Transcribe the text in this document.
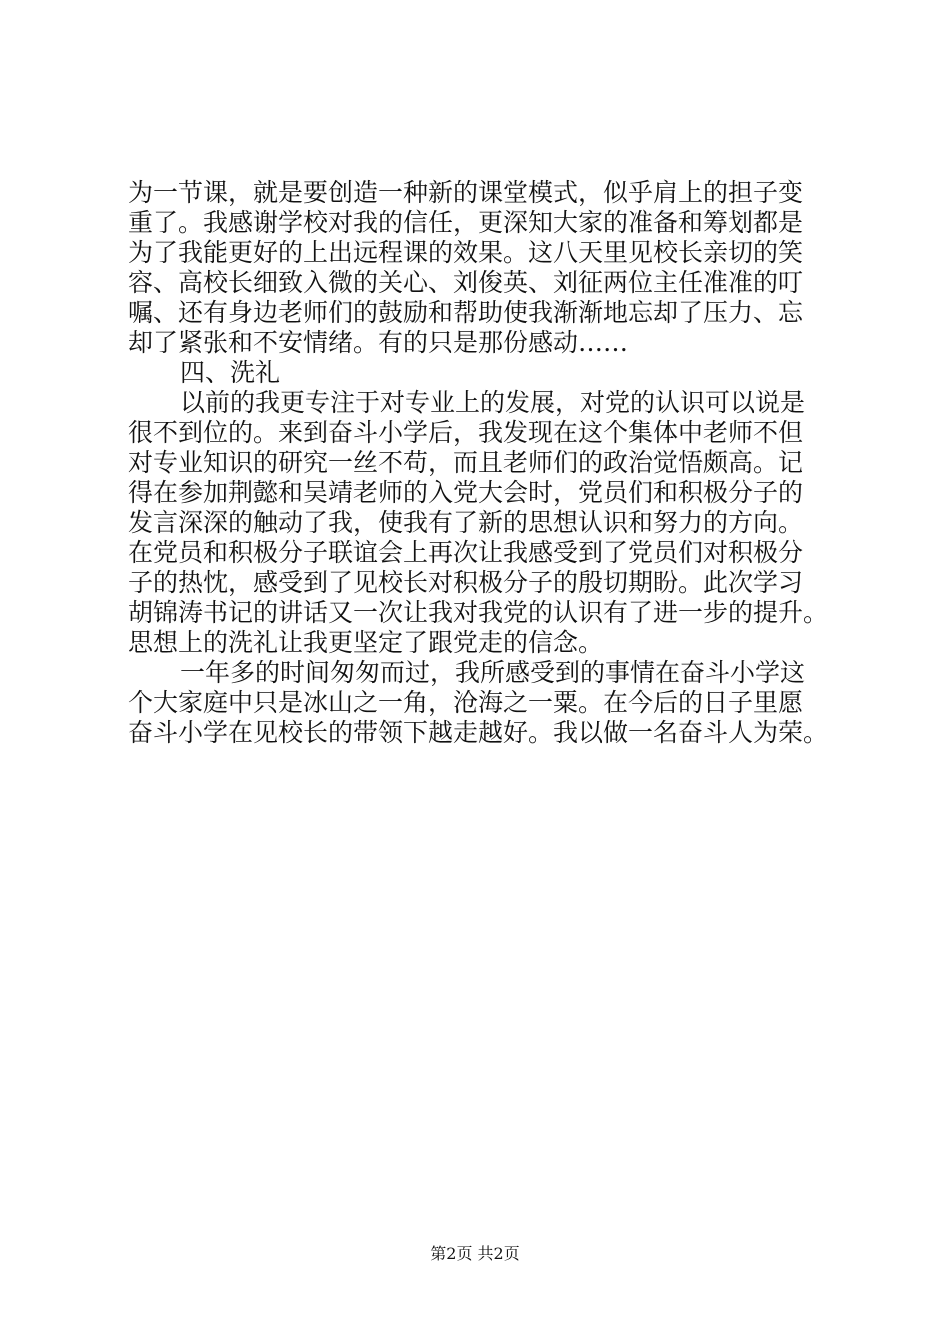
为一节课，就是要创造一种新的课堂模式，似乎肩上的担子变
重了。我感谢学校对我的信任，更深知大家的准备和筹划都是
为了我能更好的上出远程课的效果。这八天里见校长亲切的笑
容、高校长细致入微的关心、刘俊英、刘征两位主任准准的叮
嘱、还有身边老师们的鼓励和帮助使我渐渐地忘却了压力、忘
却了紧张和不安情绪。有的只是那份感动……
四、洗礼
以前的我更专注于对专业上的发展，对党的认识可以说是
很不到位的。来到奋斗小学后，我发现在这个集体中老师不但
对专业知识的研究一丝不苟，而且老师们的政治觉悟颇高。记
得在参加荆懿和吴靖老师的入党大会时，党员们和积极分子的
发言深深的触动了我，使我有了新的思想认识和努力的方向。
在党员和积极分子联谊会上再次让我感受到了党员们对积极分
子的热忱，感受到了见校长对积极分子的殷切期盼。此次学习
胡锦涛书记的讲话又一次让我对我党的认识有了进一步的提升。
思想上的洗礼让我更坚定了跟党走的信念。
一年多的时间匆匆而过，我所感受到的事情在奋斗小学这
个大家庭中只是冰山之一角，沧海之一粟。在今后的日子里愿
奋斗小学在见校长的带领下越走越好。我以做一名奋斗人为荣。
第2页 共2页
